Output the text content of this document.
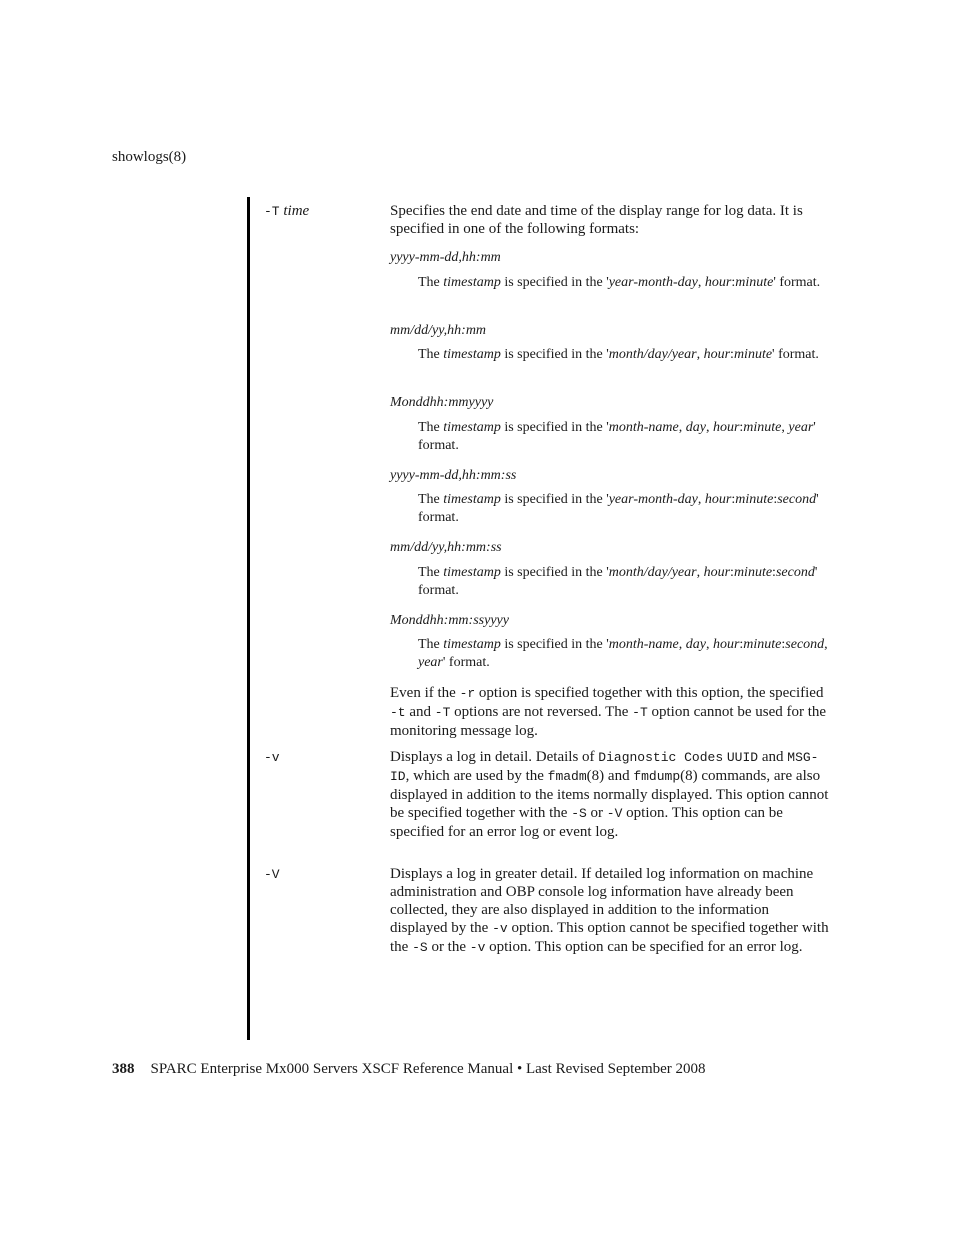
showlogs(8)
-T time	Specifies the end date and time of the display range for log data. It is specified in one of the following formats:
yyyy-mm-dd,hh:mm
The timestamp is specified in the 'year-month-day, hour:minute' format.
mm/dd/yy,hh:mm
The timestamp is specified in the 'month/day/year, hour:minute' format.
Monddhh:mmyyyy
The timestamp is specified in the 'month-name, day, hour:minute, year' format.
yyyy-mm-dd,hh:mm:ss
The timestamp is specified in the 'year-month-day, hour:minute:second' format.
mm/dd/yy,hh:mm:ss
The timestamp is specified in the 'month/day/year, hour:minute:second' format.
Monddhh:mm:ssyyyy
The timestamp is specified in the 'month-name, day, hour:minute:second, year' format.
Even if the -r option is specified together with this option, the specified -t and -T options are not reversed. The -T option cannot be used for the monitoring message log.
-v	Displays a log in detail. Details of Diagnostic Codes UUID and MSG-ID, which are used by the fmadm(8) and fmdump(8) commands, are also displayed in addition to the items normally displayed. This option cannot be specified together with the -S or -V option. This option can be specified for an error log or event log.
-V	Displays a log in greater detail. If detailed log information on machine administration and OBP console log information have already been collected, they are also displayed in addition to the information displayed by the -v option. This option cannot be specified together with the -S or the -v option. This option can be specified for an error log.
388 SPARC Enterprise Mx000 Servers XSCF Reference Manual • Last Revised September 2008
